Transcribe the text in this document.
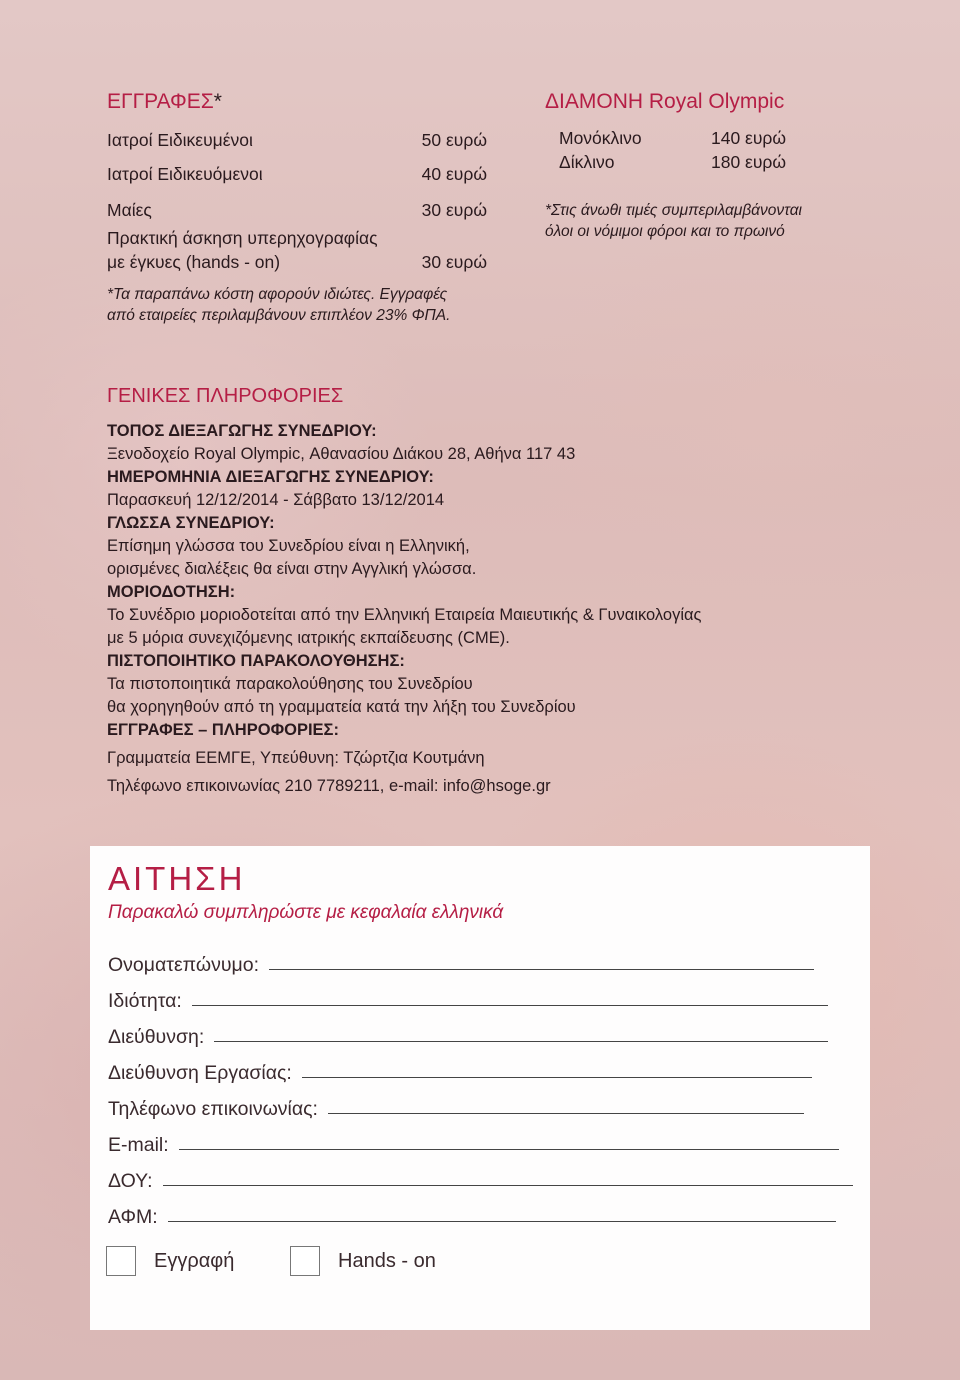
ΕΓΓΡΑΦΕΣ*
Ιατροί Ειδικευμένοι	50 ευρώ
Ιατροί Ειδικευόμενοι	40 ευρώ
Μαίες	30 ευρώ
Πρακτική άσκηση υπερηχογραφίας
με έγκυες (hands - on)	30 ευρώ
*Τα παραπάνω κόστη αφορούν ιδιώτες. Εγγραφές
από εταιρείες περιλαμβάνουν επιπλέον 23% ΦΠΑ.
ΔΙΑΜΟΝΗ Royal Olympic
Μονόκλινο	140 ευρώ
Δίκλινο	180 ευρώ
*Στις άνωθι τιμές συμπεριλαμβάνονται
όλοι οι νόμιμοι φόροι και το πρωινό
ΓΕΝΙΚΕΣ ΠΛΗΡΟΦΟΡΙΕΣ
ΤΟΠΟΣ ΔΙΕΞΑΓΩΓΗΣ ΣΥΝΕΔΡΙΟΥ:
Ξενοδοχείο Royal Olympic, Αθανασίου Διάκου 28, Αθήνα 117 43
ΗΜΕΡΟΜΗΝΙΑ ΔΙΕΞΑΓΩΓΗΣ ΣΥΝΕΔΡΙΟΥ:
Παρασκευή 12/12/2014 - Σάββατο 13/12/2014
ΓΛΩΣΣΑ ΣΥΝΕΔΡΙΟΥ:
Επίσημη γλώσσα του Συνεδρίου είναι η Ελληνική,
ορισμένες διαλέξεις θα είναι στην Αγγλική γλώσσα.
ΜΟΡΙΟΔΟΤΗΣΗ:
Το Συνέδριο μοριοδοτείται από την Ελληνική Εταιρεία Μαιευτικής & Γυναικολογίας
με 5 μόρια συνεχιζόμενης ιατρικής εκπαίδευσης (CME).
ΠΙΣΤΟΠΟΙΗΤΙΚΟ ΠΑΡΑΚΟΛΟΥΘΗΣΗΣ:
Τα πιστοποιητικά παρακολούθησης του Συνεδρίου
θα χορηγηθούν από τη γραμματεία κατά την λήξη του Συνεδρίου
ΕΓΓΡΑΦΕΣ – ΠΛΗΡΟΦΟΡΙΕΣ:
Γραμματεία ΕΕΜΓΕ, Υπεύθυνη: Τζώρτζια Κουτμάνη
Τηλέφωνο επικοινωνίας 210 7789211, e-mail: info@hsoge.gr
ΑΙΤΗΣΗ
Παρακαλώ συμπληρώστε με κεφαλαία ελληνικά
Ονοματεπώνυμο:
Ιδιότητα:
Διεύθυνση:
Διεύθυνση Εργασίας:
Τηλέφωνο επικοινωνίας:
E-mail:
ΔΟΥ:
ΑΦΜ:
Εγγραφή	Hands - on
